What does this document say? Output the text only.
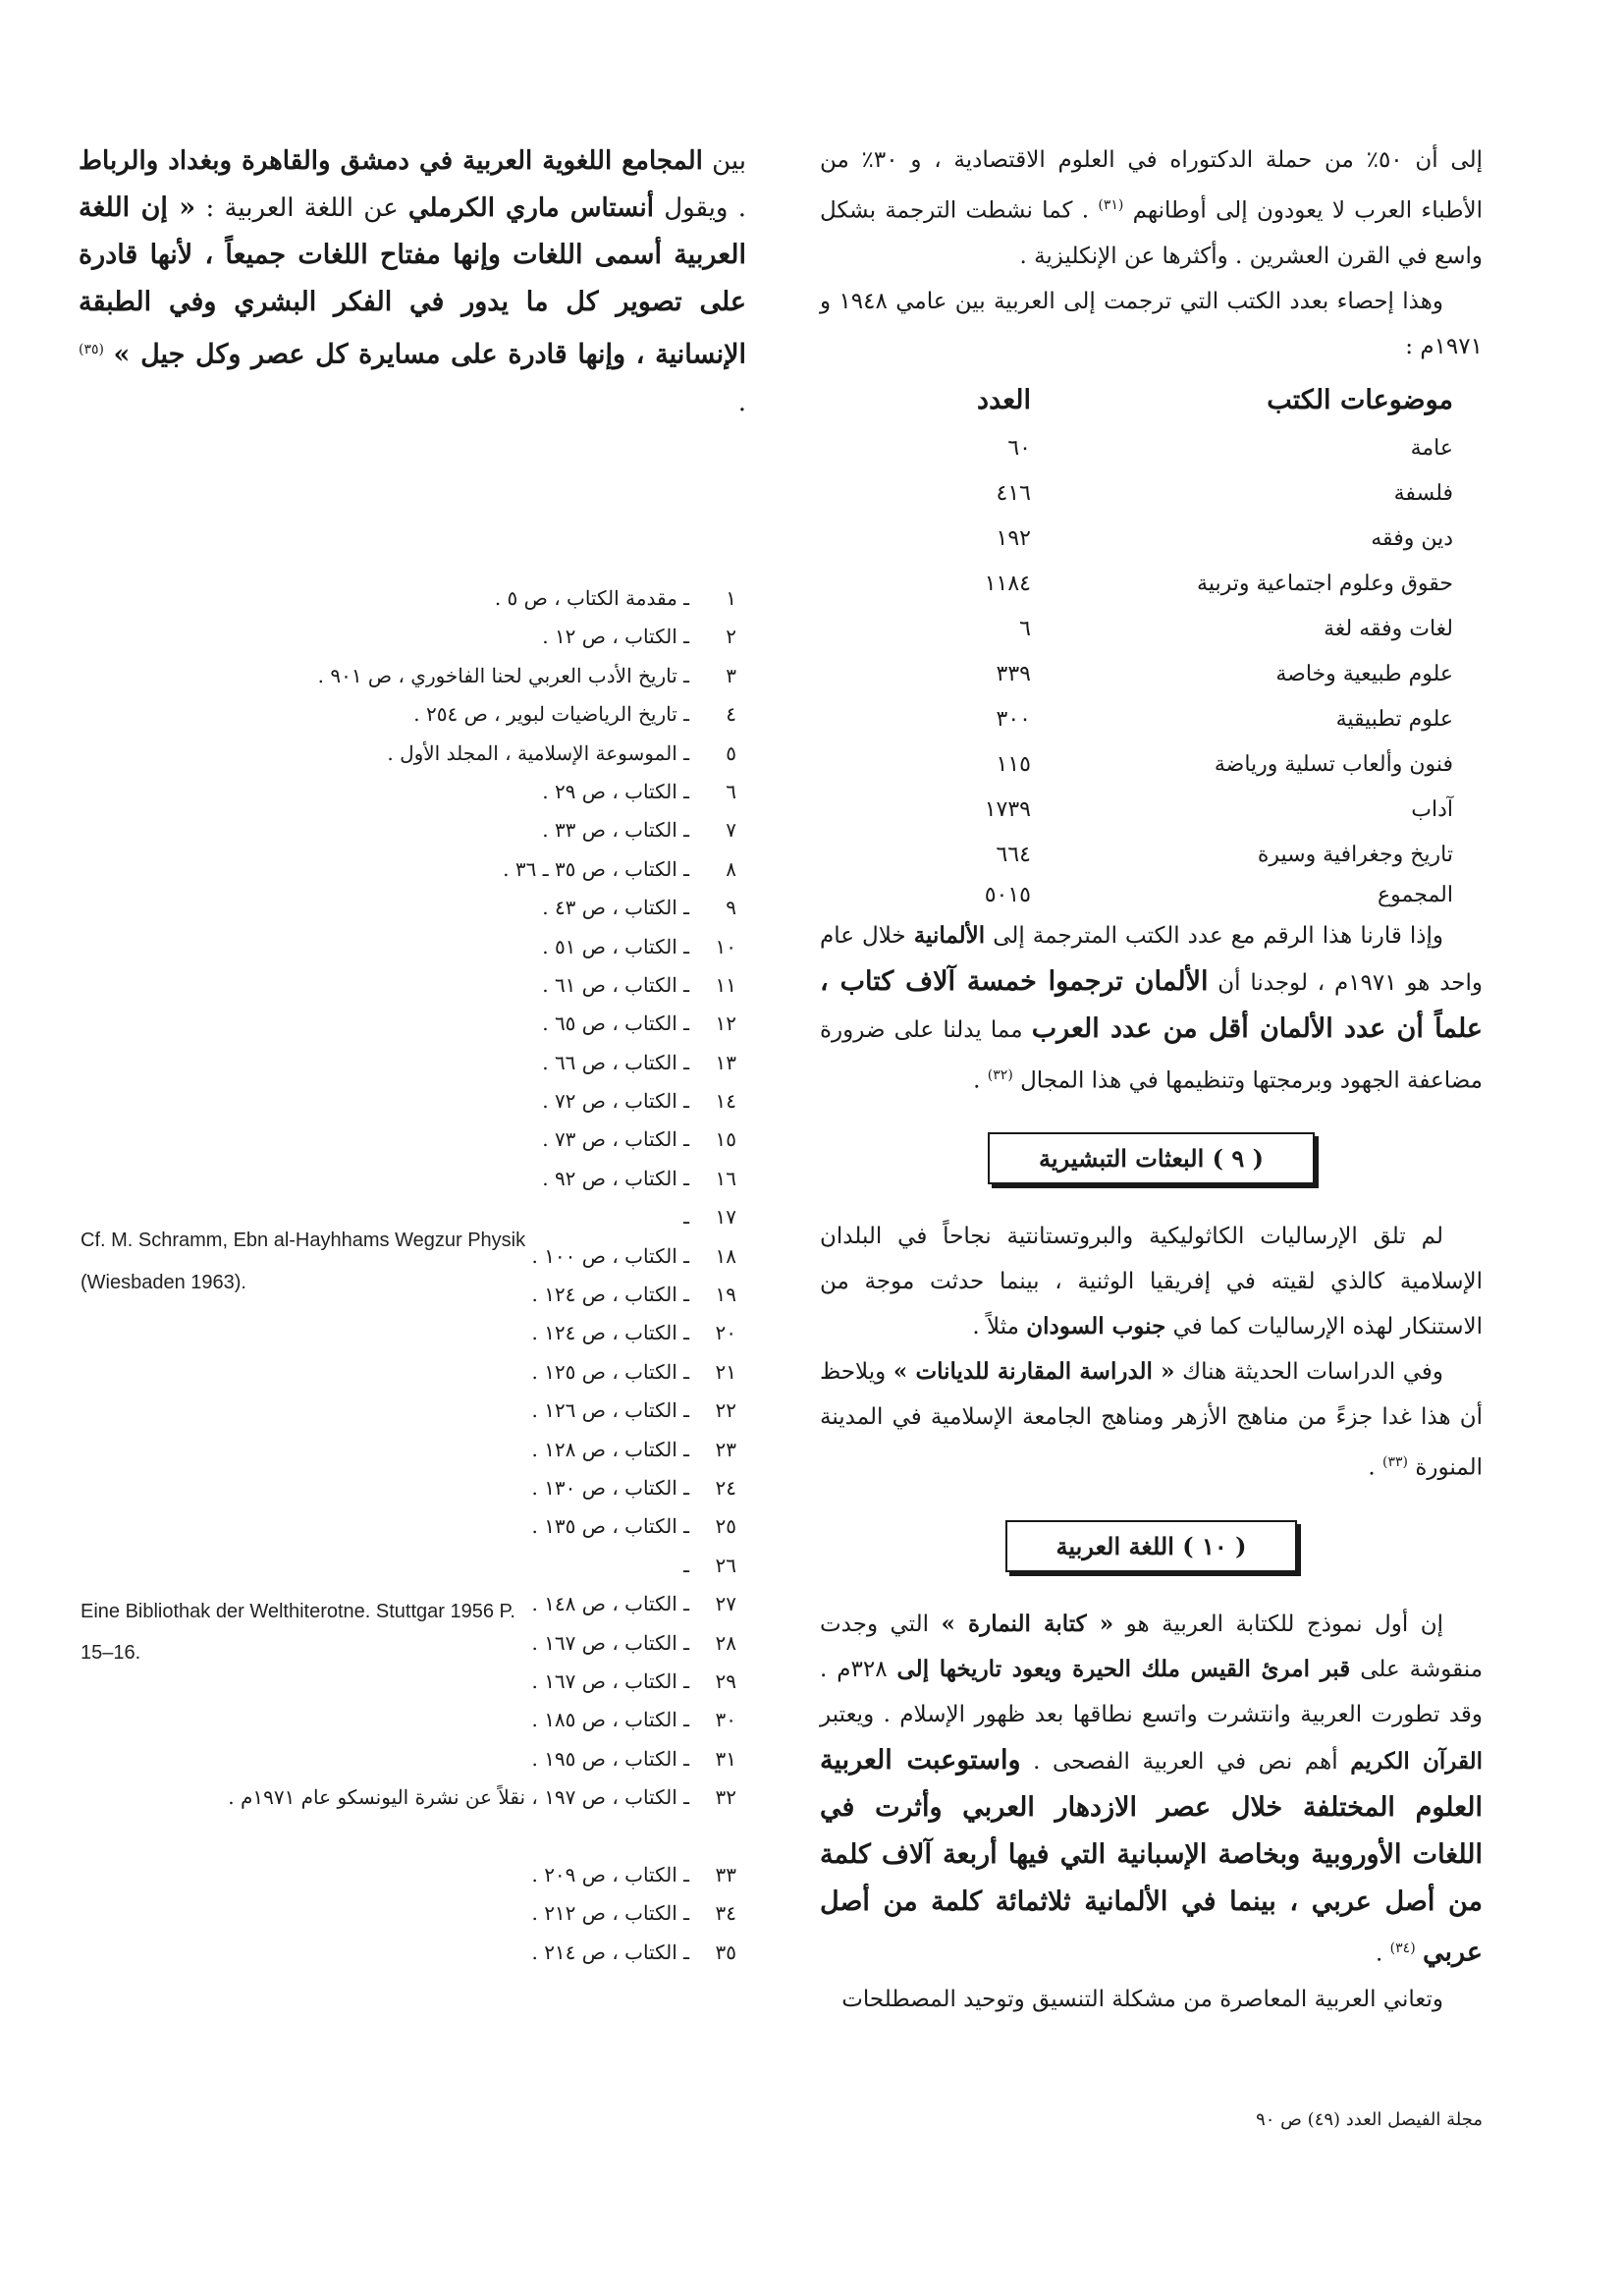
إلى أن ٥٠٪ من حملة الدكتوراه في العلوم الاقتصادية ، و ٣٠٪ من الأطباء العرب لا يعودون إلى أوطانهم $^{(٣١)}$ . كما نشطت الترجمة بشكل واسع في القرن العشرين . وأكثرها عن الإنكليزية .

وهذا إحصاء بعدد الكتب التي ترجمت إلى العربية بين عامي ١٩٤٨ و ١٩٧١م :

موضوعات الكتب
العدد
عامة
٦٠
فلسفة
٤١٦
دين وفقه
١٩٢
حقوق وعلوم اجتماعية وتربية
١١٨٤
لغات وفقه لغة
٦
علوم طبيعية وخاصة
٣٣٩
علوم تطبيقية
٣٠٠
فنون وألعاب تسلية ورياضة
١١٥
آداب
١٧٣٩
تاريخ وجغرافية وسيرة
٦٦٤
المجموع
٥٠١٥

وإذا قارنا هذا الرقم مع عدد الكتب المترجمة إلى الألمانية خلال عام واحد هو ١٩٧١م ، لوجدنا أن الألمان ترجموا خمسة آلاف كتاب ، علماً أن عدد الألمان أقل من عدد العرب مما يدلنا على ضرورة مضاعفة الجهود وبرمجتها وتنظيمها في هذا المجال $^{(٣٢)}$ .

( ٩ ) البعثات التبشيرية

لم تلق الإرساليات الكاثوليكية والبروتستانتية نجاحاً في البلدان الإسلامية كالذي لقيته في إفريقيا الوثنية ، بينما حدثت موجة من الاستنكار لهذه الإرساليات كما في جنوب السودان مثلاً .

وفي الدراسات الحديثة هناك « الدراسة المقارنة للديانات » ويلاحظ أن هذا غدا جزءً من مناهج الأزهر ومناهج الجامعة الإسلامية في المدينة المنورة $^{(٣٣)}$ .

( ١٠ ) اللغة العربية

إن أول نموذج للكتابة العربية هو « كتابة النمارة » التي وجدت منقوشة على قبر امرئ القيس ملك الحيرة ويعود تاريخها إلى ٣٢٨م . وقد تطورت العربية وانتشرت واتسع نطاقها بعد ظهور الإسلام . ويعتبر القرآن الكريم أهم نص في العربية الفصحى . واستوعبت العربية العلوم المختلفة خلال عصر الازدهار العربي وأثرت في اللغات الأوروبية وبخاصة الإسبانية التي فيها أربعة آلاف كلمة من أصل عربي ، بينما في الألمانية ثلاثمائة كلمة من أصل عربي $^{(٣٤)}$ .

وتعاني العربية المعاصرة من مشكلة التنسيق وتوحيد المصطلحات

بين المجامع اللغوية العربية في دمشق والقاهرة وبغداد والرباط . ويقول أنستاس ماري الكرملي عن اللغة العربية : « إن اللغة العربية أسمى اللغات وإنها مفتاح اللغات جميعاً ، لأنها قادرة على تصوير كل ما يدور في الفكر البشري وفي الطبقة الإنسانية ، وإنها قادرة على مسايرة كل عصر وكل جيل » $^{(٣٥)}$ .

١
ـ مقدمة الكتاب ، ص ٥ .
٢
ـ الكتاب ، ص ١٢ .
٣
ـ تاريخ الأدب العربي لحنا الفاخوري ، ص ٩٠١ .
٤
ـ تاريخ الرياضيات لبوير ، ص ٢٥٤ .
٥
ـ الموسوعة الإسلامية ، المجلد الأول .
٦
ـ الكتاب ، ص ٢٩ .
٧
ـ الكتاب ، ص ٣٣ .
٨
ـ الكتاب ، ص ٣٥ ـ ٣٦ .
٩
ـ الكتاب ، ص ٤٣ .
١٠
ـ الكتاب ، ص ٥١ .
١١
ـ الكتاب ، ص ٦١ .
١٢
ـ الكتاب ، ص ٦٥ .
١٣
ـ الكتاب ، ص ٦٦ .
١٤
ـ الكتاب ، ص ٧٢ .
١٥
ـ الكتاب ، ص ٧٣ .
١٦
ـ الكتاب ، ص ٩٢ .
١٧
ـ
١٨
ـ الكتاب ، ص ١٠٠ .
١٩
ـ الكتاب ، ص ١٢٤ .
٢٠
ـ الكتاب ، ص ١٢٤ .
٢١
ـ الكتاب ، ص ١٢٥ .
٢٢
ـ الكتاب ، ص ١٢٦ .
٢٣
ـ الكتاب ، ص ١٢٨ .
٢٤
ـ الكتاب ، ص ١٣٠ .
٢٥
ـ الكتاب ، ص ١٣٥ .
٢٦
ـ
٢٧
ـ الكتاب ، ص ١٤٨ .
٢٨
ـ الكتاب ، ص ١٦٧ .
٢٩
ـ الكتاب ، ص ١٦٧ .
٣٠
ـ الكتاب ، ص ١٨٥ .
٣١
ـ الكتاب ، ص ١٩٥ .
٣٢
ـ الكتاب ، ص ١٩٧ ، نقلاً عن نشرة اليونسكو عام ١٩٧١م .
٣٣
ـ الكتاب ، ص ٢٠٩ .
٣٤
ـ الكتاب ، ص ٢١٢ .
٣٥
ـ الكتاب ، ص ٢١٤ .
Cf. M. Schramm, Ebn al-Hayhhams Wegzur Physik
(Wiesbaden 1963).
Eine Bibliothak der Welthiterotne. Stuttgar 1956 P.
15–16.
مجلة الفيصل العدد (٤٩) ص ٩٠
